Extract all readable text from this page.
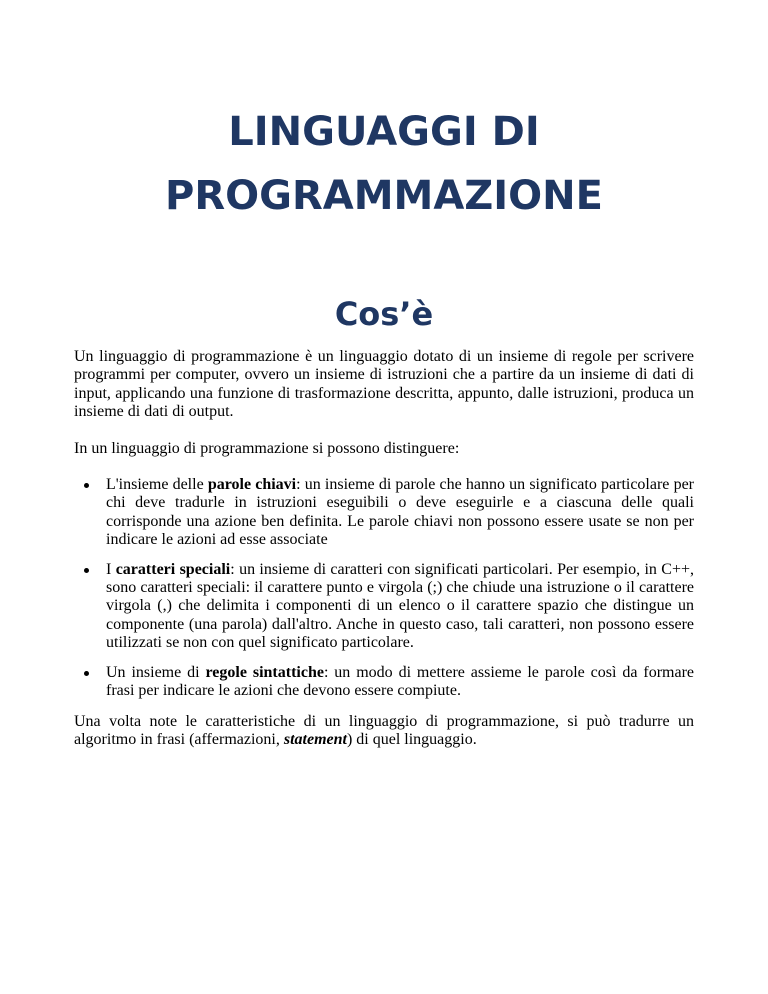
LINGUAGGI DI
PROGRAMMAZIONE
Cos’è

Un linguaggio di programmazione è un linguaggio dotato di un insieme di regole per scrivere programmi per computer, ovvero un insieme di istruzioni che a partire da un insieme di dati di input, applicando una funzione di trasformazione descritta, appunto, dalle istruzioni, produca un insieme di dati di output.

In un linguaggio di programmazione si possono distinguere:

L'insieme delle parole chiavi: un insieme di parole che hanno un significato particolare per chi deve tradurle in istruzioni eseguibili o deve eseguirle e a ciascuna delle quali corrisponde una azione ben definita. Le parole chiavi non possono essere usate se non per indicare le azioni ad esse associate
I caratteri speciali: un insieme di caratteri con significati particolari. Per esempio, in C++, sono caratteri speciali: il carattere punto e virgola (;) che chiude una istruzione o il carattere virgola (,) che delimita i componenti di un elenco o il carattere spazio che distingue un componente (una parola) dall'altro. Anche in questo caso, tali caratteri, non possono essere utilizzati se non con quel significato particolare.
Un insieme di regole sintattiche: un modo di mettere assieme le parole così da formare frasi per indicare le azioni che devono essere compiute.

Una volta note le caratteristiche di un linguaggio di programmazione, si può tradurre un algoritmo in frasi (affermazioni, statement) di quel linguaggio.
